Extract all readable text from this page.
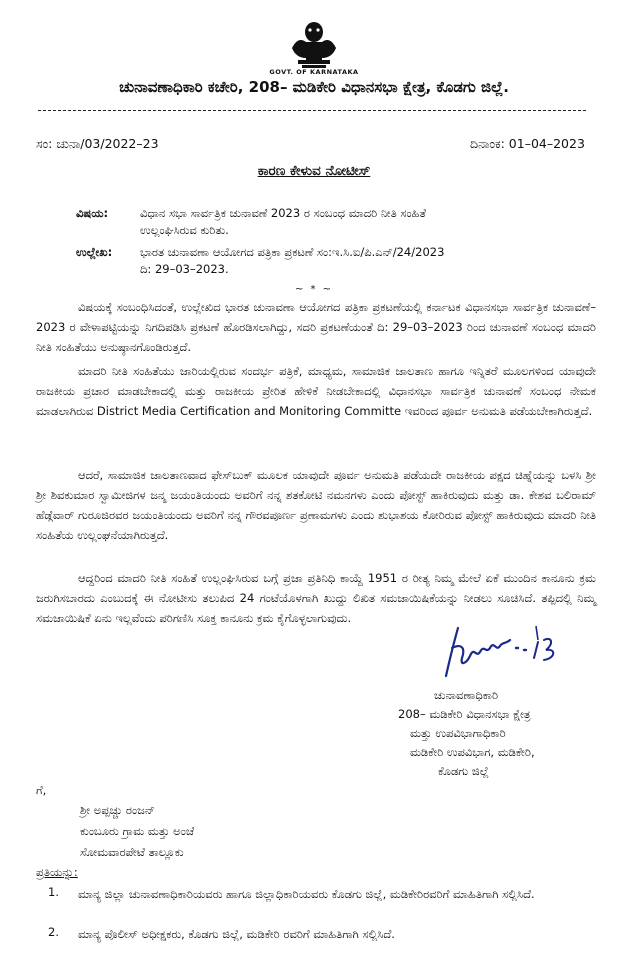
GOVT. OF KARNATAKA
ಚುನಾವಣಾಧಿಕಾರಿ ಕಚೇರಿ, 208– ಮಡಿಕೇರಿ ವಿಧಾನಸಭಾ ಕ್ಷೇತ್ರ, ಕೊಡಗು ಜಿಲ್ಲೆ.
ಸಂ: ಚುನಾ/03/2022–23	ದಿನಾಂಕ: 01–04–2023
ಕಾರಣ ಕೇಳುವ ನೋಟೀಸ್
ವಿಷಯ:	ವಿಧಾನ ಸಭಾ ಸಾರ್ವತ್ರಿಕ ಚುನಾವಣೆ 2023 ರ ಸಂಬಂಧ ಮಾದರಿ ನೀತಿ ಸಂಹಿತೆ
ಉಲ್ಲಂಘಿಸಿರುವ ಕುರಿತು.
ಉಲ್ಲೇಖ: ಭಾರತ ಚುನಾವಣಾ ಆಯೋಗದ ಪತ್ರಿಕಾ ಪ್ರಕಟಣೆ ಸಂ:ಇ.ಸಿ.ಐ/ಪಿ.ಎನ್/24/2023
ದಿ: 29–03–2023.
~ * ~
ವಿಷಯಕ್ಕೆ ಸಂಬಂಧಿಸಿದಂತೆ, ಉಲ್ಲೇಖಿದ ಭಾರತ ಚುನಾವಣಾ ಆಯೋಗದ ಪತ್ರಿಕಾ ಪ್ರಕಟಣೆಯಲ್ಲಿ ಕರ್ನಾಟಕ ವಿಧಾನಸಭಾ ಸಾರ್ವತ್ರಿಕ ಚುನಾವಣೆ–2023 ರ ವೇಳಾಪಟ್ಟಿಯನ್ನು ನಿಗದಿಪಡಿಸಿ ಪ್ರಕಟಣೆ ಹೊರಡಿಸಲಾಗಿದ್ದು, ಸದರಿ ಪ್ರಕಟಣೆಯಂತೆ ದಿ: 29–03–2023 ರಿಂದ ಚುನಾವಣೆ ಸಂಬಂಧ ಮಾದರಿ ನೀತಿ ಸಂಹಿತೆಯು ಅನುಷ್ಠಾನಗೊಂಡಿರುತ್ತದೆ.
ಮಾದರಿ ನೀತಿ ಸಂಹಿತೆಯು ಜಾರಿಯಲ್ಲಿರುವ ಸಂದರ್ಭ ಪತ್ರಿಕೆ, ಮಾಧ್ಯಮ, ಸಾಮಾಜಿಕ ಜಾಲತಾಣ ಹಾಗೂ ಇನ್ನಿತರೆ ಮೂಲಗಳಿಂದ ಯಾವುದೇ ರಾಜಕೀಯ ಪ್ರಚಾರ ಮಾಡಬೇಕಾದಲ್ಲಿ ಮತ್ತು ರಾಜಕೀಯ ಪ್ರೇರಿತ ಹೇಳಿಕೆ ನೀಡಬೇಕಾದಲ್ಲಿ ವಿಧಾನಸಭಾ ಸಾರ್ವತ್ರಿಕ ಚುನಾವಣೆ ಸಂಬಂಧ ನೇಮಕ ಮಾಡಲಾಗಿರುವ District Media Certification and Monitoring Committe ಇವರಿಂದ ಪೂರ್ವ ಅನುಮತಿ ಪಡೆಯಬೇಕಾಗಿರುತ್ತದೆ.
ಆದರೆ, ಸಾಮಾಜಿಕ ಜಾಲತಾಣವಾದ ಫೇಸ್‌ಬುಕ್ ಮೂಲಕ ಯಾವುದೇ ಪೂರ್ವ ಅನುಮತಿ ಪಡೆಯದೇ ರಾಜಕೀಯ ಪಕ್ಷದ ಚಿಹ್ನೆಯನ್ನು ಬಳಸಿ ಶ್ರೀ ಶ್ರೀ ಶಿವಕುಮಾರ ಸ್ವಾಮೀಜಿಗಳ ಜನ್ಮ ಜಯಂತಿಯಂದು ಅವರಿಗೆ ನನ್ನ ಶತಕೋಟಿ ನಮನಗಳು ಎಂದು ಪೋಸ್ಟ್ ಹಾಕಿರುವುದು ಮತ್ತು ಡಾ. ಕೇಶವ ಬಲಿರಾಮ್ ಹೆಡ್ಗೆವಾರ್ ಗುರೂಜಿರವರ ಜಯಂತಿಯಂದು ಅವರಿಗೆ ನನ್ನ ಗೌರವಪೂರ್ಣ ಪ್ರಣಾಮಗಳು ಎಂದು ಶುಭಾಶಯ ಕೋರಿರುವ ಪೋಸ್ಟ್ ಹಾಕಿರುವುದು ಮಾದರಿ ನೀತಿ ಸಂಹಿತೆಯ ಉಲ್ಲಂಘನೆಯಾಗಿರುತ್ತದೆ.
ಆದ್ದರಿಂದ ಮಾದರಿ ನೀತಿ ಸಂಹಿತೆ ಉಲ್ಲಂಘಿಸಿರುವ ಬಗ್ಗೆ ಪ್ರಜಾ ಪ್ರತಿನಿಧಿ ಕಾಯ್ದೆ 1951 ರ ರೀತ್ಯ ನಿಮ್ಮ ಮೇಲೆ ಏಕೆ ಮುಂದಿನ ಕಾನೂನು ಕ್ರಮ ಜರುಗಿಸಬಾರದು ಎಂಬುದಕ್ಕೆ ಈ ನೋಟೀಸು ತಲುಪಿದ 24 ಗಂಟೆಯೊಳಗಾಗಿ ಖುದ್ದು ಲಿಖಿತ ಸಮಜಾಯಿಷಿಕೆಯನ್ನು ನೀಡಲು ಸೂಚಿಸಿದೆ. ತಪ್ಪಿದಲ್ಲಿ ನಿಮ್ಮ ಸಮಜಾಯಿಷಿಕೆ ಏನು ಇಲ್ಲವೆಂದು ಪರಿಗಣಿಸಿ ಸೂಕ್ತ ಕಾನೂನು ಕ್ರಮ ಕೈಗೊಳ್ಳಲಾಗುವುದು.
ಚುನಾವಣಾಧಿಕಾರಿ
208– ಮಡಿಕೇರಿ ವಿಧಾನಸಭಾ ಕ್ಷೇತ್ರ
ಮತ್ತು ಉಪವಿಭಾಗಾಧಿಕಾರಿ
ಮಡಿಕೇರಿ ಉಪವಿಭಾಗ, ಮಡಿಕೇರಿ,
ಕೊಡಗು ಜಿಲ್ಲೆ
ಗೆ,
ಶ್ರೀ ಅಪ್ಪಚ್ಚು ರಂಜನ್
ಕುಂಬೂರು ಗ್ರಾಮ ಮತ್ತು ಅಂಚೆ
ಸೋಮವಾರಪೇಟೆ ತಾಲ್ಲೂಕು
ಪ್ರತಿಯನ್ನು:
1. ಮಾನ್ಯ ಜಿಲ್ಲಾ ಚುನಾವಣಾಧಿಕಾರಿಯವರು ಹಾಗೂ ಜಿಲ್ಲಾಧಿಕಾರಿಯವರು ಕೊಡಗು ಜಿಲ್ಲೆ, ಮಡಿಕೇರಿರವರಿಗೆ ಮಾಹಿತಿಗಾಗಿ ಸಲ್ಲಿಸಿದೆ.
2. ಮಾನ್ಯ ಪೊಲೀಸ್ ಅಧೀಕ್ಷಕರು, ಕೊಡಗು ಜಿಲ್ಲೆ, ಮಡಿಕೇರಿ ರವರಿಗೆ ಮಾಹಿತಿಗಾಗಿ ಸಲ್ಲಿಸಿದೆ.
